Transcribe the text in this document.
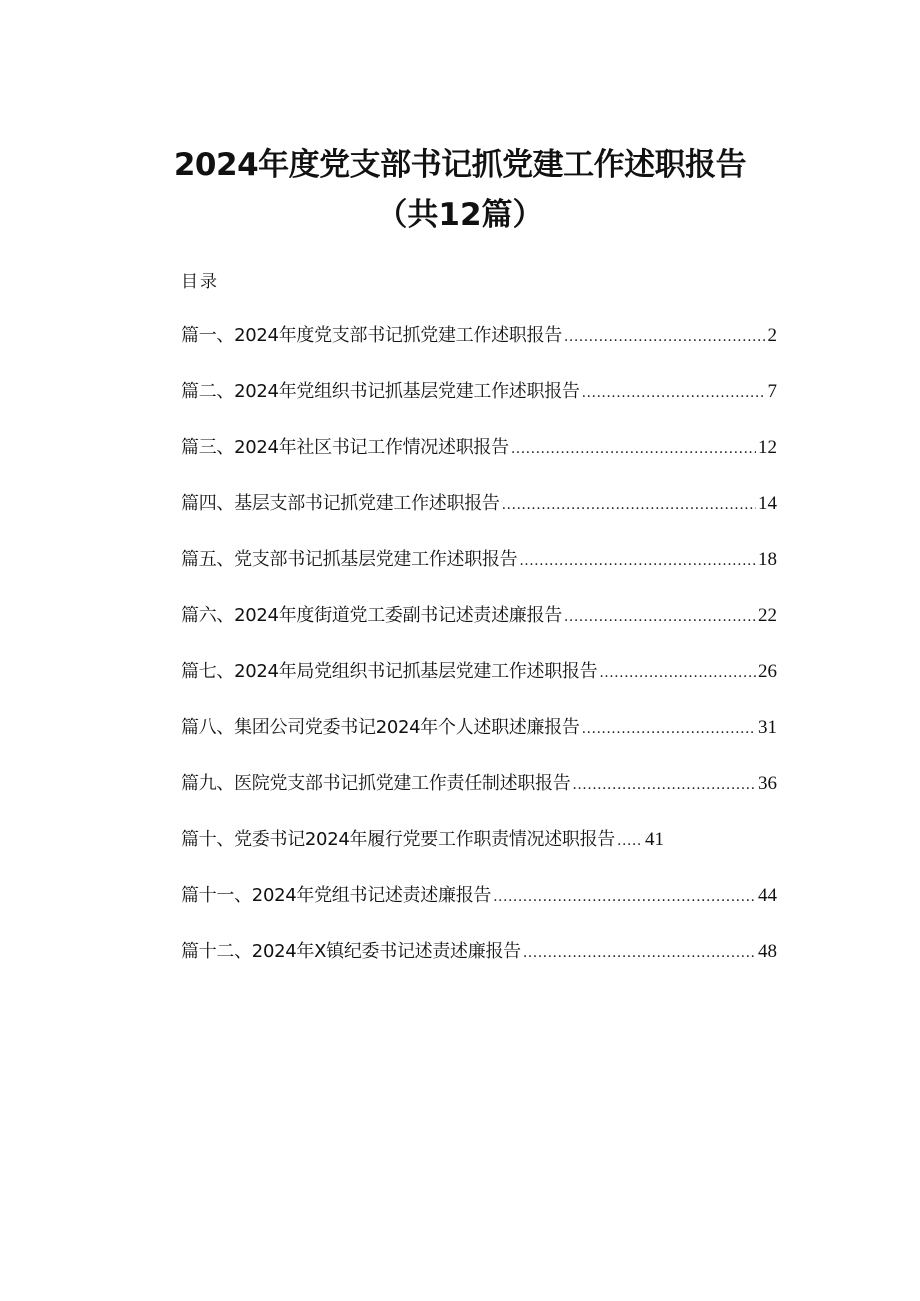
2024年度党支部书记抓党建工作述职报告
（共12篇）
目录
篇一、2024年度党支部书记抓党建工作述职报告 .....	2
篇二、2024年党组织书记抓基层党建工作述职报告 .....	7
篇三、2024年社区书记工作情况述职报告 .....	12
篇四、基层支部书记抓党建工作述职报告 .....	14
篇五、党支部书记抓基层党建工作述职报告 .....	18
篇六、2024年度街道党工委副书记述责述廉报告 .....	22
篇七、2024年局党组织书记抓基层党建工作述职报告 .....	26
篇八、集团公司党委书记2024年个人述职述廉报告 .....	31
篇九、医院党支部书记抓党建工作责任制述职报告 .....	36
篇十、党委书记2024年履行党要工作职责情况述职报告 ..... 41
篇十一、2024年党组书记述责述廉报告 .....	44
篇十二、2024年X镇纪委书记述责述廉报告 .....	48
